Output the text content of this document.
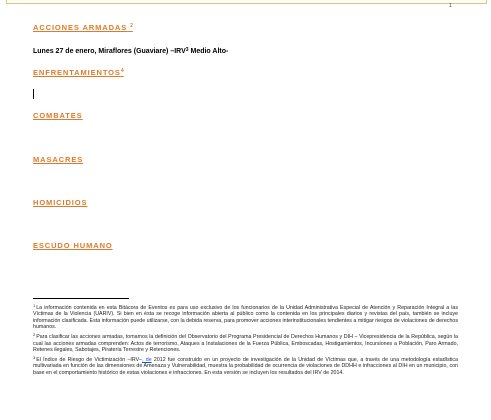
1
ACCIONES ARMADAS $^2$
Lunes 27 de enero, Miraflores (Guaviare) –IRV$^3$ Medio Alto-
ENFRENTAMIENTOS$^4$
COMBATES
MASACRES
HOMICIDIOS
ESCUDO HUMANO

$^1$La información contenida en esta Bitácora de Eventos es para uso exclusivo de los funcionarios de la Unidad Administrativa Especial de Atención y Reparación Integral a las Víctimas de la Violencia (UARIV). Si bien en ésta se recoge información abierta al público como la contenida en los principales diarios y revistas del país, también se incluye información clasificada. Esta información puede utilizarse, con la debida reserva, para promover acciones interinstitucionales tendientes a mitigar riesgos de violaciones de derechos humanos.

$^2$Para clasificar las acciones armadas, tomamos la definición del Observatorio del Programa Presidencial de Derechos Humanos y DIH – Vicepresidencia de la República, según la cual las acciones armadas comprenden: Actos de terrorismo, Ataques a Instalaciones de la Fuerza Pública, Emboscadas, Hostigamientos, Incursiones a Población, Paro Armado, Retenes ilegales, Sabotajes, Piratería Terrestre y Retenciones.

$^3$El Índice de Riesgo de Victimización –IRV–, de 2012 fue construido en un proyecto de investigación de la Unidad de Víctimas que, a través de una metodología estadística multivariada en función de las dimensiones de Amenaza y Vulnerabilidad, muestra la probabilidad de ocurrencia de violaciones de DDHH e infracciones al DIH en un municipio, con base en el comportamiento histórico de estas violaciones e infracciones. En esta versión se incluyen los resultados del IRV de 2014.
